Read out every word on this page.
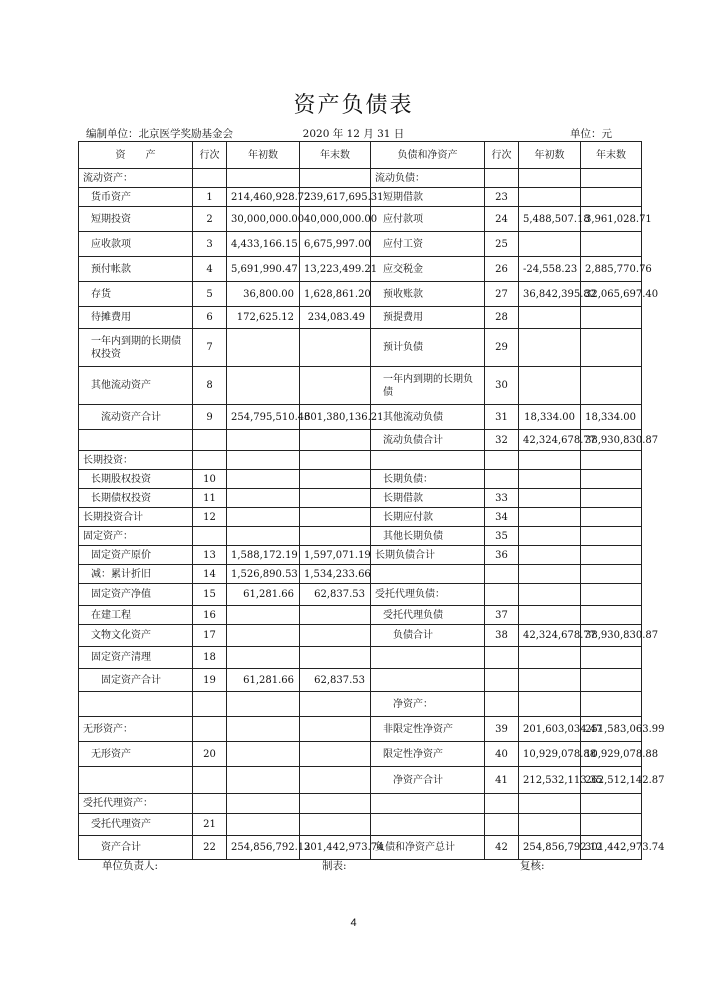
资产负债表
编制单位：北京医学奖励基金会	2020 年 12 月 31 日	单位：元
资　　产	行次	年初数	年末数	负债和净资产	行次	年初数	年末数
流动资产：				流动负债：			
货币资产	1	214,460,928.72	239,617,695.31	短期借款	23		
短期投资	2	30,000,000.00	40,000,000.00	应付款项	24	5,488,507.18	3,961,028.71
应收款项	3	4,433,166.15	6,675,997.00	应付工资	25		
预付帐款	4	5,691,990.47	13,223,499.21	应交税金	26	-24,558.23	2,885,770.76
存货	5	36,800.00	1,628,861.20	预收账款	27	36,842,395.82	32,065,697.40
待摊费用	6	172,625.12	234,083.49	预提费用	28		
一年内到期的长期债权投资	7			预计负债	29		
其他流动资产	8			一年内到期的长期负债	30		
流动资产合计	9	254,795,510.46	301,380,136.21	其他流动负债	31	18,334.00	18,334.00
				流动负债合计	32	42,324,678.77	38,930,830.87
长期投资：							
长期股权投资	10			长期负债：			
长期债权投资	11			长期借款	33		
长期投资合计	12			长期应付款	34		
固定资产：				其他长期负债	35		
固定资产原价	13	1,588,172.19	1,597,071.19	长期负债合计	36		
减：累计折旧	14	1,526,890.53	1,534,233.66				
固定资产净值	15	61,281.66	62,837.53	受托代理负债：			
在建工程	16			受托代理负债	37		
文物文化资产	17			负债合计	38	42,324,678.77	38,930,830.87
固定资产清理	18						
固定资产合计	19	61,281.66	62,837.53				
				净资产：			
无形资产：				非限定性净资产	39	201,603,034.47	251,583,063.99
无形资产	20			限定性净资产	40	10,929,078.88	10,929,078.88
				净资产合计	41	212,532,113.35	262,512,142.87
受托代理资产：							
受托代理资产	21						
资产合计	22	254,856,792.12	301,442,973.74	负债和净资产总计	42	254,856,792.12	301,442,973.74
单位负责人:	制表:	复核:
4
